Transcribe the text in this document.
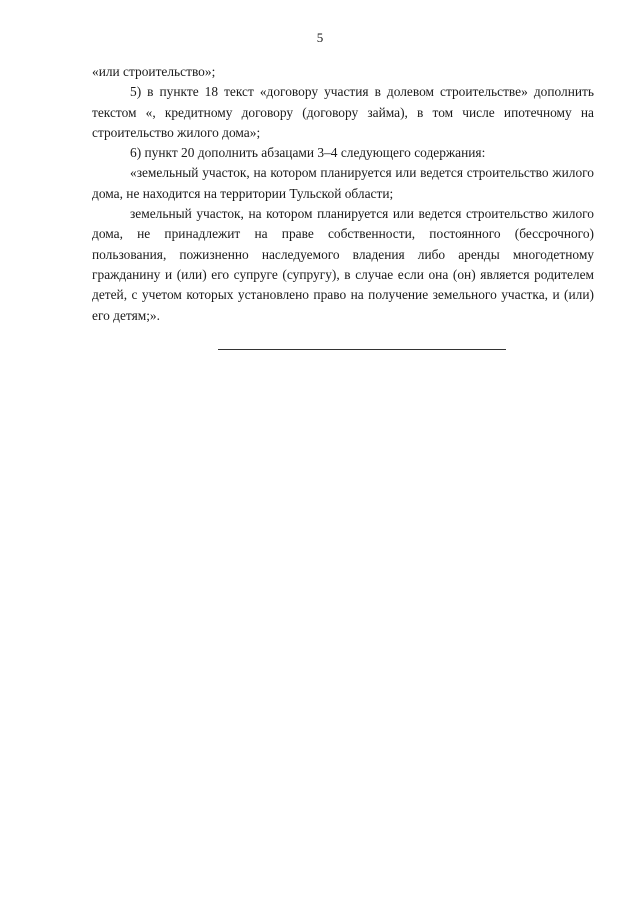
5

«или строительство»;

5) в пункте 18 текст «договору участия в долевом строительстве» дополнить текстом «, кредитному договору (договору займа), в том числе ипотечному на строительство жилого дома»;

6) пункт 20 дополнить абзацами 3–4 следующего содержания:

«земельный участок, на котором планируется или ведется строительство жилого дома, не находится на территории Тульской области;

земельный участок, на котором планируется или ведется строительство жилого дома, не принадлежит на праве собственности, постоянного (бессрочного) пользования, пожизненно наследуемого владения либо аренды многодетному гражданину и (или) его супруге (супругу), в случае если она (он) является родителем детей, с учетом которых установлено право на получение земельного участка, и (или) его детям;».
